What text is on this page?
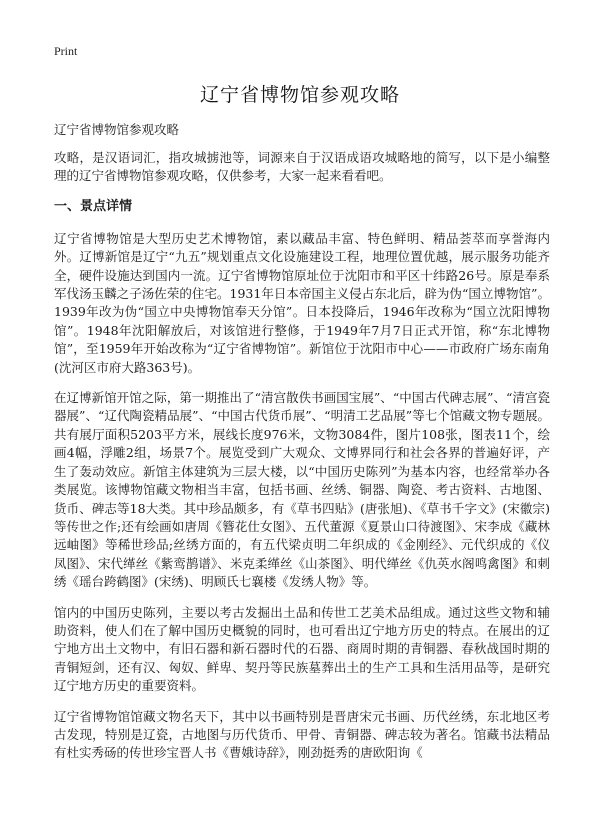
Print
辽宁省博物馆参观攻略

辽宁省博物馆参观攻略

攻略，是汉语词汇，指攻城掳池等，词源来自于汉语成语攻城略地的简写，以下是小编整理的辽宁省博物馆参观攻略，仅供参考，大家一起来看看吧。

一、景点详情

辽宁省博物馆是大型历史艺术博物馆，素以藏品丰富、特色鲜明、精品荟萃而享誉海内外。辽博新馆是辽宁“九五”规划重点文化设施建设工程，地理位置优越，展示服务功能齐全，硬件设施达到国内一流。辽宁省博物馆原址位于沈阳市和平区十纬路26号。原是奉系军伐汤玉麟之子汤佐荣的住宅。1931年日本帝国主义侵占东北后，辟为伪“国立博物馆”。1939年改为伪“国立中央博物馆奉天分馆”。日本投降后，1946年改称为“国立沈阳博物馆”。1948年沈阳解放后，对该馆进行整修，于1949年7月7日正式开馆，称“东北博物馆”，至1959年开始改称为“辽宁省博物馆”。新馆位于沈阳市中心——市政府广场东南角(沈河区市府大路363号)。

在辽博新馆开馆之际，第一期推出了“清宫散佚书画国宝展”、“中国古代碑志展”、“清宫瓷器展”、“辽代陶瓷精品展”、“中国古代货币展”、“明清工艺品展”等七个馆藏文物专题展。共有展厅面积5203平方米，展线长度976米，文物3084件，图片108张，图表11个，绘画4幅，浮雕2组，场景7个。展览受到广大观众、文博界同行和社会各界的普遍好评，产生了轰动效应。新馆主体建筑为三层大楼，以“中国历史陈列”为基本内容，也经常举办各类展览。该博物馆藏文物相当丰富，包括书画、丝绣、铜器、陶瓷、考古资料、古地图、货币、碑志等18大类。其中珍品颇多，有《草书四贴》(唐张旭)、《草书千字文》(宋徽宗)等传世之作;还有绘画如唐周《簪花仕女图》、五代董源《夏景山口待渡图》、宋李成《藏林远岫图》等稀世珍品;丝绣方面的，有五代梁贞明二年织成的《金刚经》、元代织成的《仪凤图》、宋代缂丝《紫鸾鹊谱》、米克柔缂丝《山茶图》、明代缂丝《仇英水阁鸣禽图》和刺绣《瑶台跨鹤图》(宋绣)、明顾氏七襄楼《发绣人物》等。

馆内的中国历史陈列，主要以考古发掘出土品和传世工艺美术品组成。通过这些文物和辅助资料，使人们在了解中国历史概貌的同时，也可看出辽宁地方历史的特点。在展出的辽宁地方出土文物中，有旧石器和新石器时代的石器、商周时期的青铜器、春秋战国时期的青铜短剑，还有汉、匈奴、鲜卑、契丹等民族墓葬出土的生产工具和生活用品等，是研究辽宁地方历史的重要资料。

辽宁省博物馆馆藏文物名天下，其中以书画特别是晋唐宋元书画、历代丝绣，东北地区考古发现，特别是辽瓷，古地图与历代货币、甲骨、青铜器、碑志较为著名。馆藏书法精品有杜实秀砀的传世珍宝晋人书《曹娥诗辞》，刚劲挺秀的唐欧阳询《
